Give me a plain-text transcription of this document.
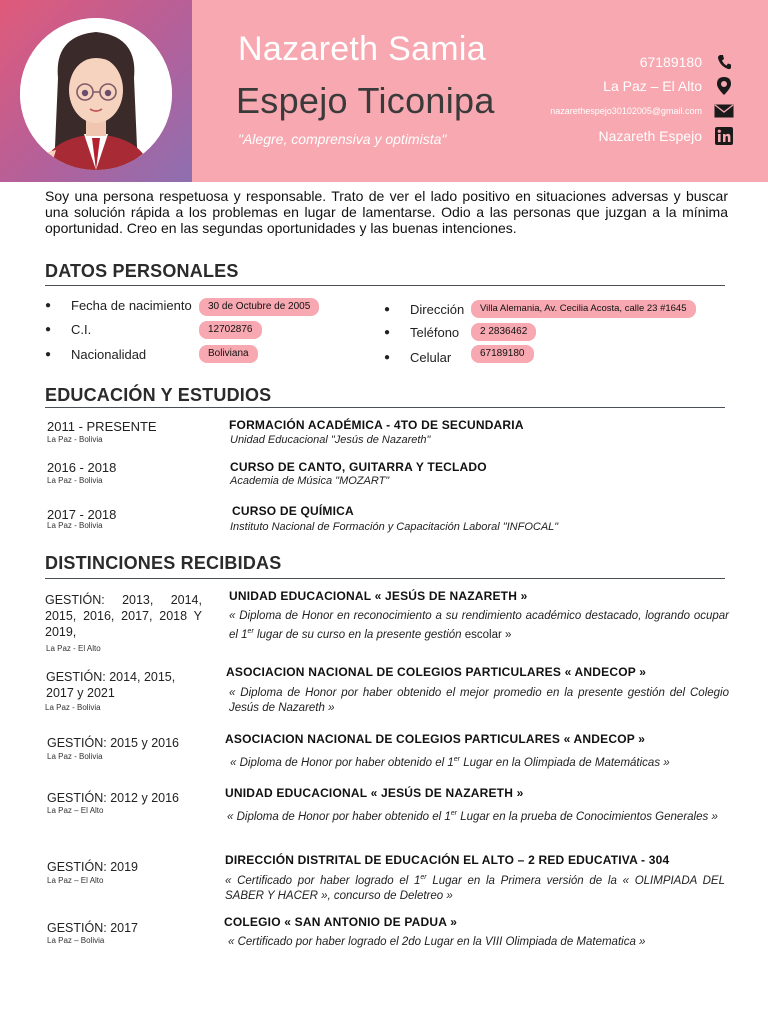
Nazareth Samia
Espejo Ticonipa
"Alegre, comprensiva y optimista"
67189180
La Paz – El Alto
nazarethespejo30102005@gmail.com
Nazareth Espejo

Soy una persona respetuosa y responsable. Trato de ver el lado positivo en situaciones adversas y buscar una solución rápida a los problemas en lugar de lamentarse. Odio a las personas que juzgan a la mínima oportunidad. Creo en las segundas oportunidades y las buenas intenciones.

DATOS PERSONALES
●	Fecha de nacimiento	30 de Octubre de 2005
●	C.I.	12702876
●	Nacionalidad	Boliviana
●	Dirección	Villa Alemania, Av. Cecilia Acosta, calle 23 #1645
●	Teléfono	2 2836462
●	Celular	67189180
EDUCACIÓN Y ESTUDIOS
2011 - PRESENTE
La Paz - Bolivia
FORMACIÓN ACADÉMICA - 4TO DE SECUNDARIA
Unidad Educacional "Jesús de Nazareth"
2016 - 2018
La Paz - Bolivia
CURSO DE CANTO, GUITARRA Y TECLADO
Academia de Música "MOZART"
2017 - 2018
La Paz - Bolivia
CURSO DE QUÍMICA
Instituto Nacional de Formación y Capacitación Laboral "INFOCAL"
DISTINCIONES RECIBIDAS
GESTIÓN: 2013, 2014, 2015, 2016, 2017, 2018 Y 2019,
La Paz - El Alto
UNIDAD EDUCACIONAL « JESÚS DE NAZARETH »
« Diploma de Honor en reconocimiento a su rendimiento académico destacado, logrando ocupar el 1er lugar de su curso en la presente gestión escolar »
GESTIÓN: 2014, 2015, 2017 y 2021
La Paz - Bolivia
ASOCIACION NACIONAL DE COLEGIOS PARTICULARES « ANDECOP »
« Diploma de Honor por haber obtenido el mejor promedio en la presente gestión del Colegio Jesús de Nazareth »
GESTIÓN: 2015 y 2016
La Paz - Bolivia
ASOCIACION NACIONAL DE COLEGIOS PARTICULARES « ANDECOP »
« Diploma de Honor por haber obtenido el 1er Lugar en la Olimpiada de Matemáticas »
GESTIÓN: 2012 y 2016
La Paz – El Alto
UNIDAD EDUCACIONAL « JESÚS DE NAZARETH »
« Diploma de Honor por haber obtenido el 1er Lugar en la prueba de Conocimientos Generales »
GESTIÓN: 2019
La Paz – El Alto
DIRECCIÓN DISTRITAL DE EDUCACIÓN EL ALTO – 2 RED EDUCATIVA - 304
« Certificado por haber logrado el 1er Lugar en la Primera versión de la « OLIMPIADA DEL SABER Y HACER », concurso de Deletreo »
GESTIÓN: 2017
La Paz – Bolivia
COLEGIO « SAN ANTONIO DE PADUA »
« Certificado por haber logrado el 2do Lugar en la VIII Olimpiada de Matematica »
